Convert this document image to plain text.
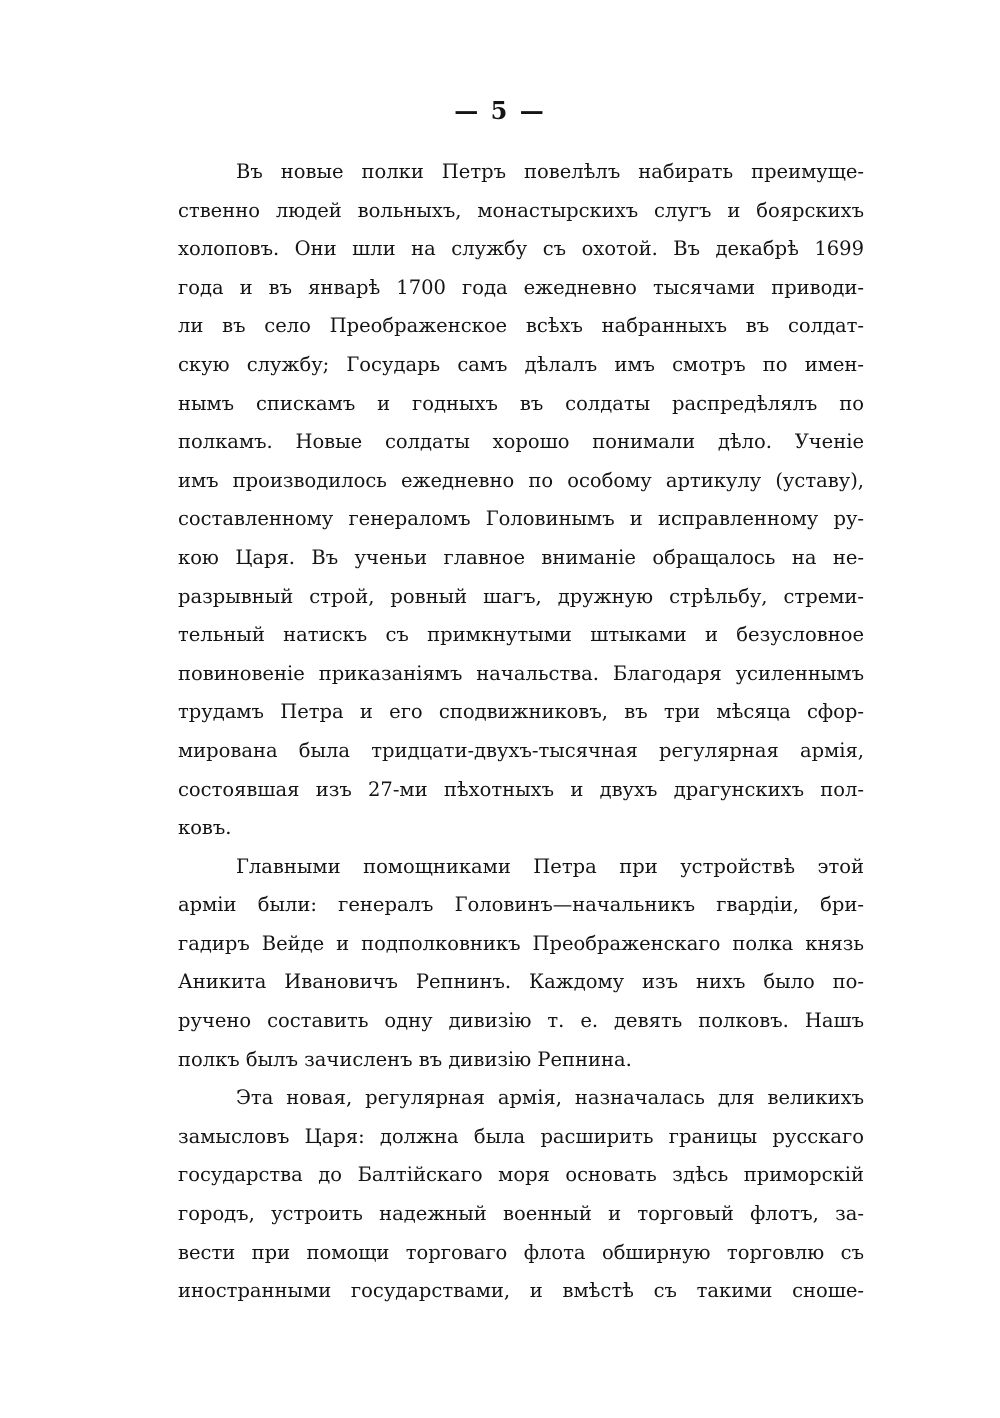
— 5 —
Въ новые полки Петръ повелѣлъ набирать преимуще-
ственно людей вольныхъ, монастырскихъ слугъ и боярскихъ
холоповъ. Они шли на службу съ охотой. Въ декабрѣ 1699
года и въ январѣ 1700 года ежедневно тысячами приводи-
ли въ село Преображенское всѣхъ набранныхъ въ солдат-
скую службу; Государь самъ дѣлалъ имъ смотръ по имен-
нымъ спискамъ и годныхъ въ солдаты распредѣлялъ по
полкамъ. Новые солдаты хорошо понимали дѣло. Ученіе
имъ производилось ежедневно по особому артикулу (уставу),
составленному генераломъ Головинымъ и исправленному ру-
кою Царя. Въ ученьи главное вниманіе обращалось на не-
разрывный строй, ровный шагъ, дружную стрѣльбу, стреми-
тельный натискъ съ примкнутыми штыками и безусловное
повиновеніе приказаніямъ начальства. Благодаря усиленнымъ
трудамъ Петра и его сподвижниковъ, въ три мѣсяца сфор-
мирована была тридцати-двухъ-тысячная регулярная армія,
состоявшая изъ 27-ми пѣхотныхъ и двухъ драгунскихъ пол-
ковъ.
Главными помощниками Петра при устройствѣ этой
арміи были: генералъ Головинъ—начальникъ гвардіи, бри-
гадиръ Вейде и подполковникъ Преображенскаго полка князь
Аникита Ивановичъ Репнинъ. Каждому изъ нихъ было по-
ручено составить одну дивизію т. е. девять полковъ. Нашъ
полкъ былъ зачисленъ въ дивизію Репнина.
Эта новая, регулярная армія, назначалась для великихъ
замысловъ Царя: должна была расширить границы русскаго
государства до Балтійскаго моря основать здѣсь приморскій
городъ, устроить надежный военный и торговый флотъ, за-
вести при помощи торговаго флота обширную торговлю съ
иностранными государствами, и вмѣстѣ съ такими сноше-
